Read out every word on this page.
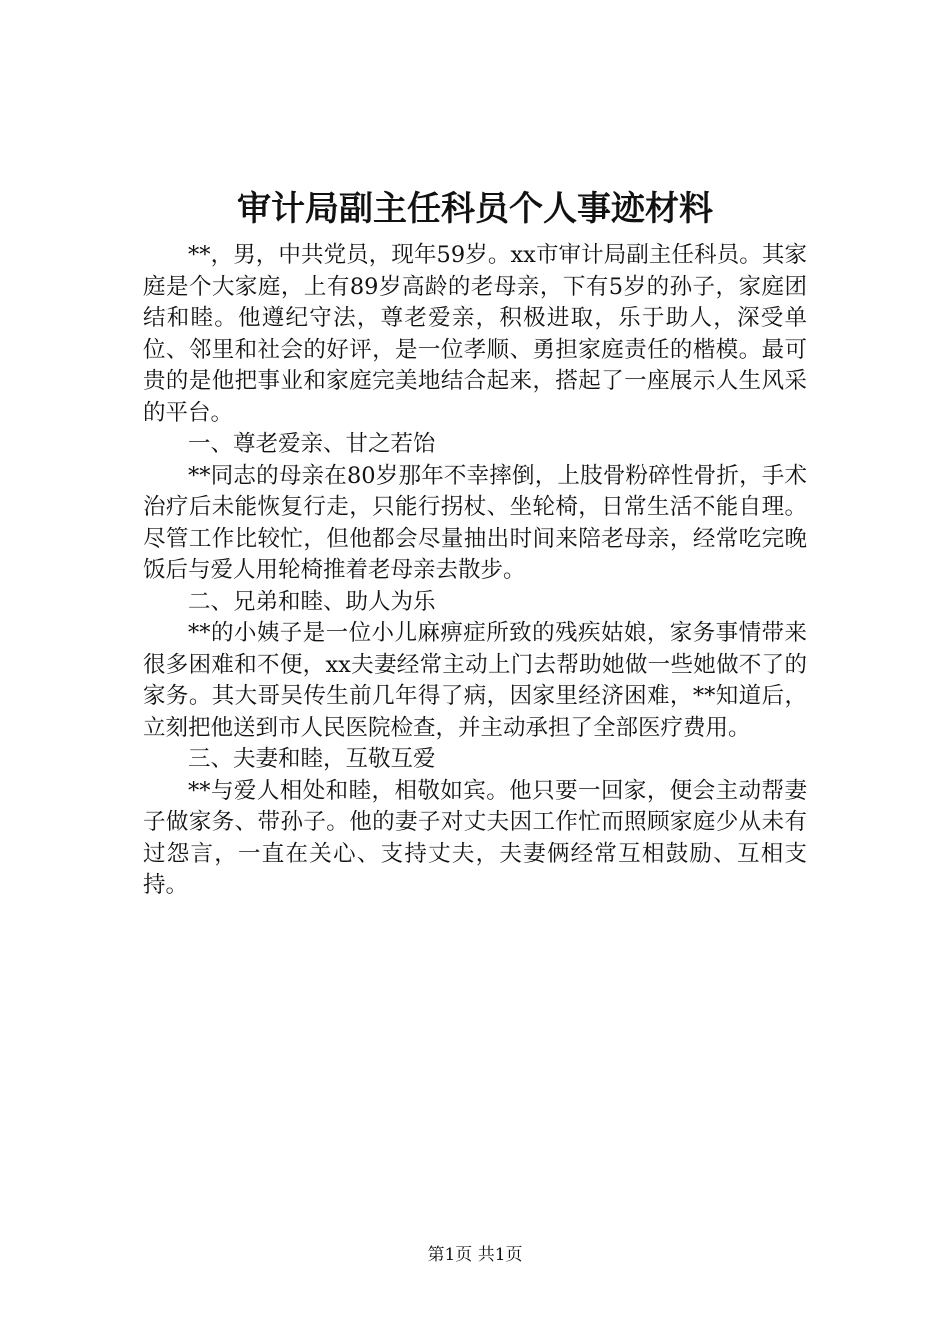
审计局副主任科员个人事迹材料

**，男，中共党员，现年59岁。xx市审计局副主任科员。其家庭是个大家庭，上有89岁高龄的老母亲，下有5岁的孙子，家庭团结和睦。他遵纪守法，尊老爱亲，积极进取，乐于助人，深受单位、邻里和社会的好评，是一位孝顺、勇担家庭责任的楷模。最可贵的是他把事业和家庭完美地结合起来，搭起了一座展示人生风采的平台。

一、尊老爱亲、甘之若饴

**同志的母亲在80岁那年不幸摔倒，上肢骨粉碎性骨折，手术治疗后未能恢复行走，只能行拐杖、坐轮椅，日常生活不能自理。尽管工作比较忙，但他都会尽量抽出时间来陪老母亲，经常吃完晚饭后与爱人用轮椅推着老母亲去散步。

二、兄弟和睦、助人为乐

**的小姨子是一位小儿麻痹症所致的残疾姑娘，家务事情带来很多困难和不便，xx夫妻经常主动上门去帮助她做一些她做不了的家务。其大哥吴传生前几年得了病，因家里经济困难，**知道后，立刻把他送到市人民医院检查，并主动承担了全部医疗费用。

三、夫妻和睦，互敬互爱

**与爱人相处和睦，相敬如宾。他只要一回家，便会主动帮妻子做家务、带孙子。他的妻子对丈夫因工作忙而照顾家庭少从未有过怨言，一直在关心、支持丈夫，夫妻俩经常互相鼓励、互相支持。

第1页 共1页
